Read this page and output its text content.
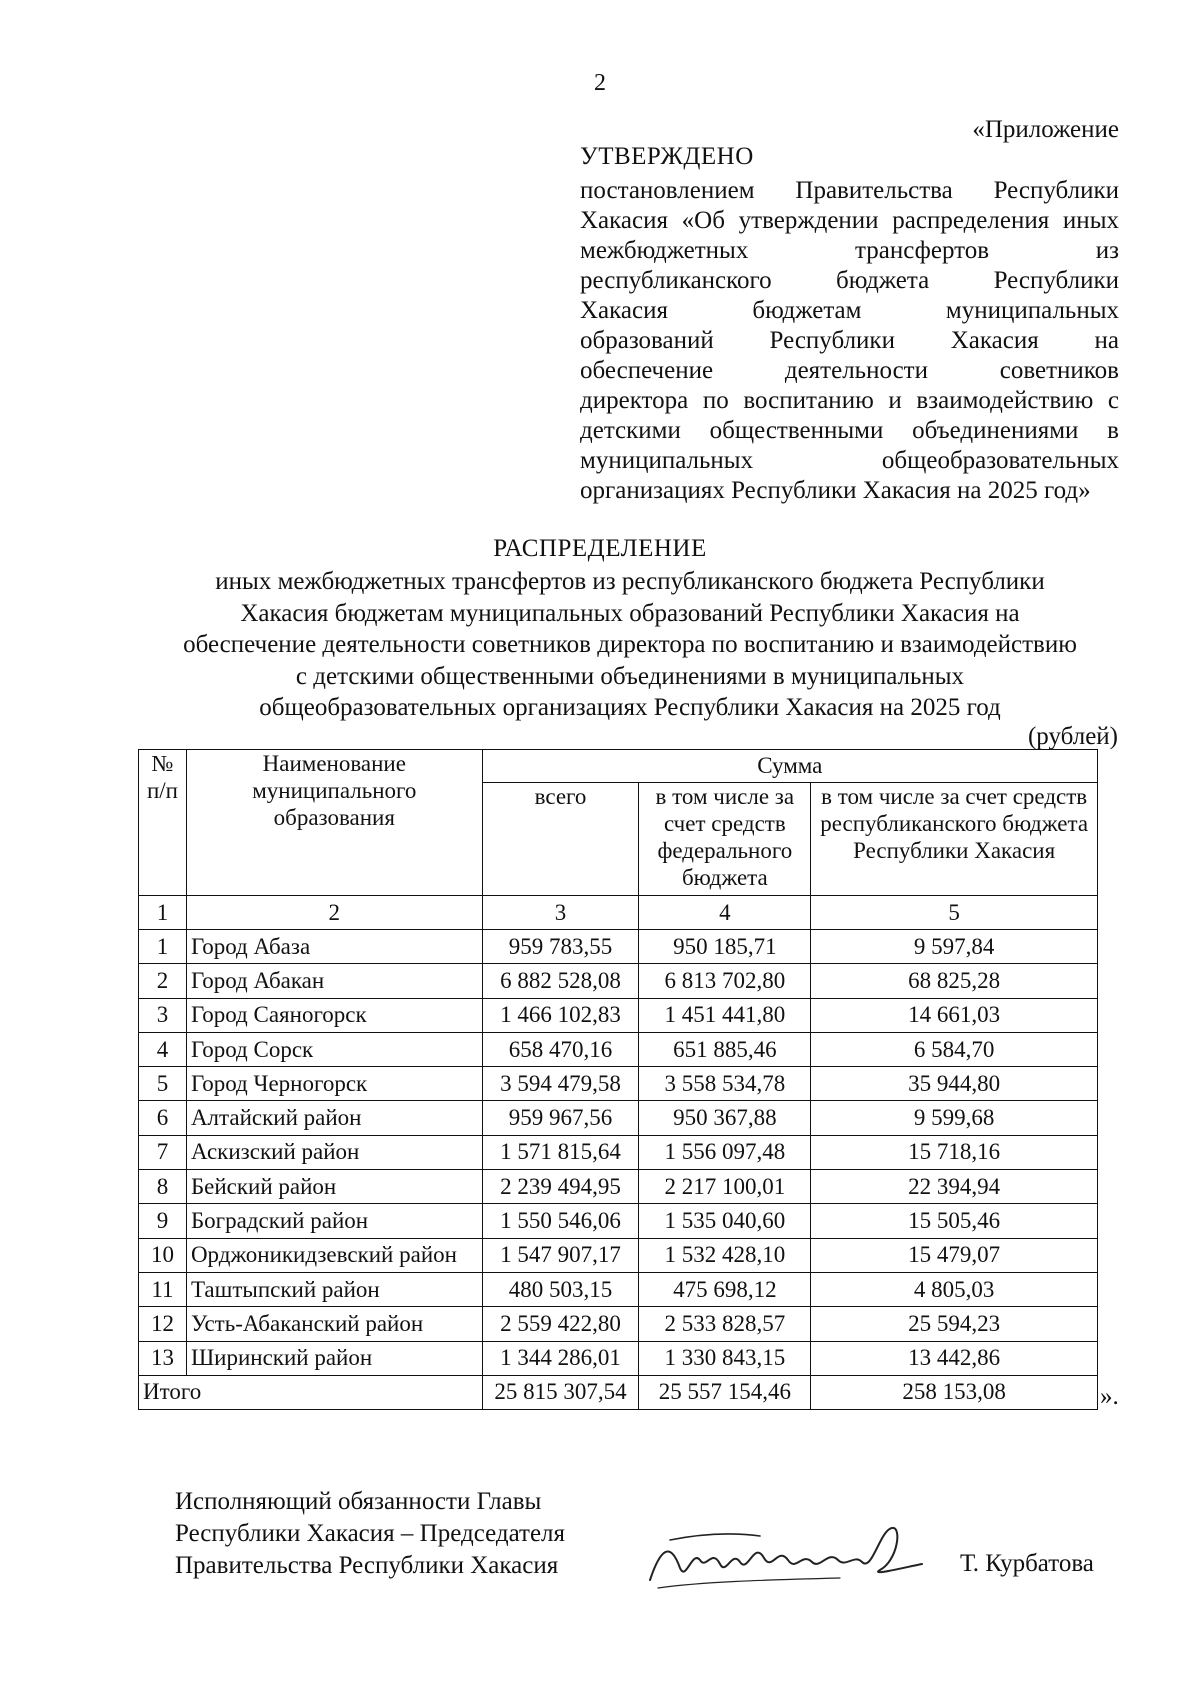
2
«Приложение
УТВЕРЖДЕНО
постановлением Правительства Республики
Хакасия «Об утверждении распределения иных
межбюджетных трансфертов из
республиканского бюджета Республики
Хакасия бюджетам муниципальных
образований Республики Хакасия на
обеспечение деятельности советников
директора по воспитанию и взаимодействию с
детскими общественными объединениями в
муниципальных общеобразовательных
организациях Республики Хакасия на 2025 год»
РАСПРЕДЕЛЕНИЕ
иных межбюджетных трансфертов из республиканского бюджета Республики
Хакасия бюджетам муниципальных образований Республики Хакасия на
обеспечение деятельности советников директора по воспитанию и взаимодействию
с детскими общественными объединениями в муниципальных
общеобразовательных организациях Республики Хакасия на 2025 год
(рублей)
№ п/п	Наименование муниципального образования	Сумма		
		всего	в том числе за счет средств федерального бюджета	в том числе за счет средств республиканского бюджета Республики Хакасия
1	2	3	4	5
1	Город Абаза	959 783,55	950 185,71	9 597,84
2	Город Абакан	6 882 528,08	6 813 702,80	68 825,28
3	Город Саяногорск	1 466 102,83	1 451 441,80	14 661,03
4	Город Сорск	658 470,16	651 885,46	6 584,70
5	Город Черногорск	3 594 479,58	3 558 534,78	35 944,80
6	Алтайский район	959 967,56	950 367,88	9 599,68
7	Аскизский район	1 571 815,64	1 556 097,48	15 718,16
8	Бейский район	2 239 494,95	2 217 100,01	22 394,94
9	Боградский район	1 550 546,06	1 535 040,60	15 505,46
10	Орджоникидзевский район	1 547 907,17	1 532 428,10	15 479,07
11	Таштыпский район	480 503,15	475 698,12	4 805,03
12	Усть-Абаканский район	2 559 422,80	2 533 828,57	25 594,23
13	Ширинский район	1 344 286,01	1 330 843,15	13 442,86
Итого		25 815 307,54	25 557 154,46	258 153,08	».
Исполняющий обязанности Главы
Республики Хакасия – Председателя
Правительства Республики Хакасия	Т. Курбатова
